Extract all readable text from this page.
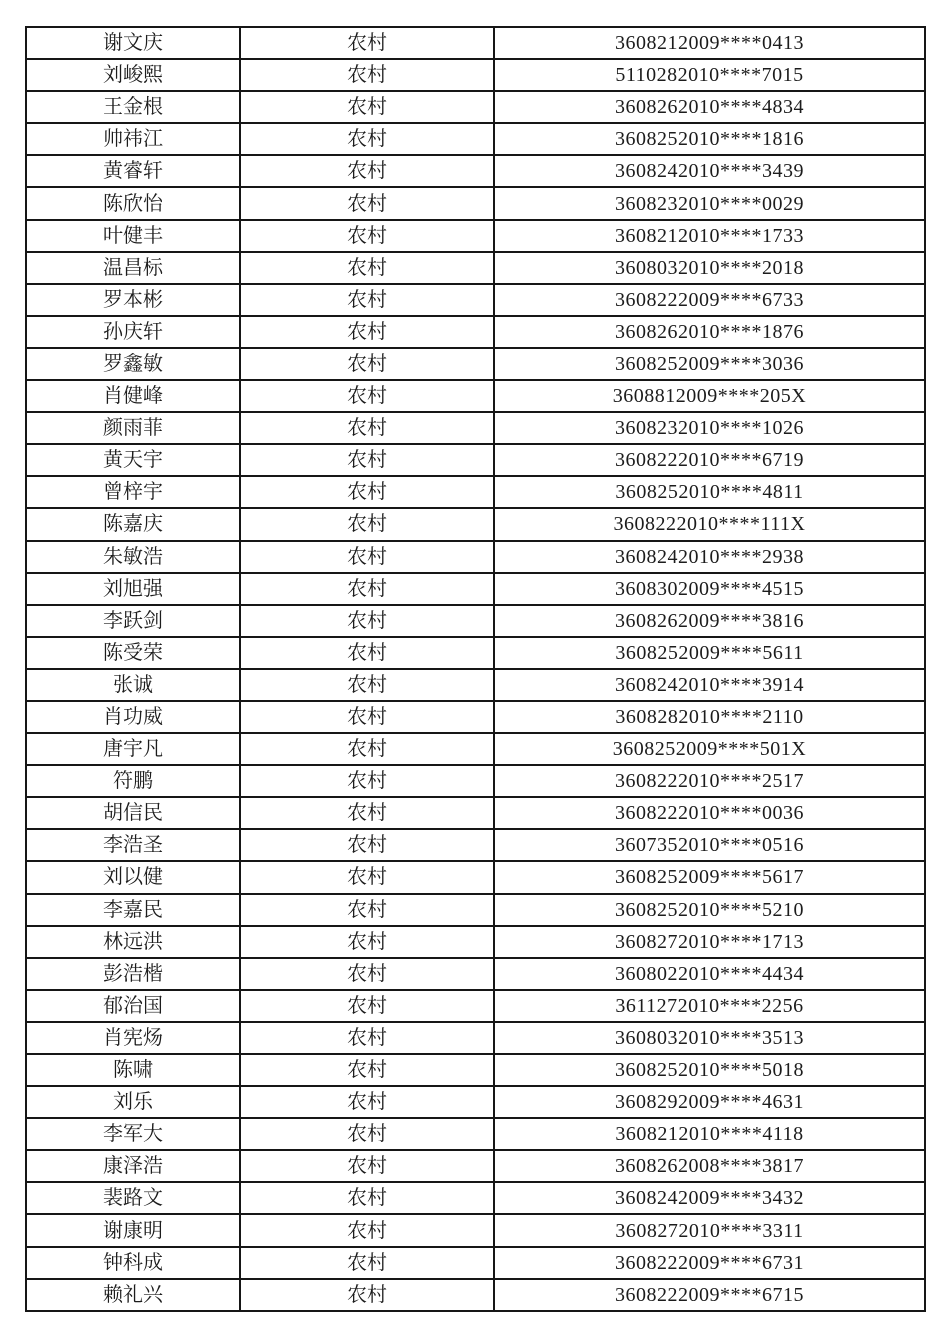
谢文庆	农村	3608212009****0413
刘峻熙	农村	5110282010****7015
王金根	农村	3608262010****4834
帅祎江	农村	3608252010****1816
黄睿轩	农村	3608242010****3439
陈欣怡	农村	3608232010****0029
叶健丰	农村	3608212010****1733
温昌标	农村	3608032010****2018
罗本彬	农村	3608222009****6733
孙庆轩	农村	3608262010****1876
罗鑫敏	农村	3608252009****3036
肖健峰	农村	3608812009****205X
颜雨菲	农村	3608232010****1026
黄天宇	农村	3608222010****6719
曾梓宇	农村	3608252010****4811
陈嘉庆	农村	3608222010****111X
朱敏浩	农村	3608242010****2938
刘旭强	农村	3608302009****4515
李跃剑	农村	3608262009****3816
陈受荣	农村	3608252009****5611
张诚	农村	3608242010****3914
肖功威	农村	3608282010****2110
唐宇凡	农村	3608252009****501X
符鹏	农村	3608222010****2517
胡信民	农村	3608222010****0036
李浩圣	农村	3607352010****0516
刘以健	农村	3608252009****5617
李嘉民	农村	3608252010****5210
林远洪	农村	3608272010****1713
彭浩楷	农村	3608022010****4434
郁治国	农村	3611272010****2256
肖宪炀	农村	3608032010****3513
陈啸	农村	3608252010****5018
刘乐	农村	3608292009****4631
李军大	农村	3608212010****4118
康泽浩	农村	3608262008****3817
裴路文	农村	3608242009****3432
谢康明	农村	3608272010****3311
钟科成	农村	3608222009****6731
赖礼兴	农村	3608222009****6715
